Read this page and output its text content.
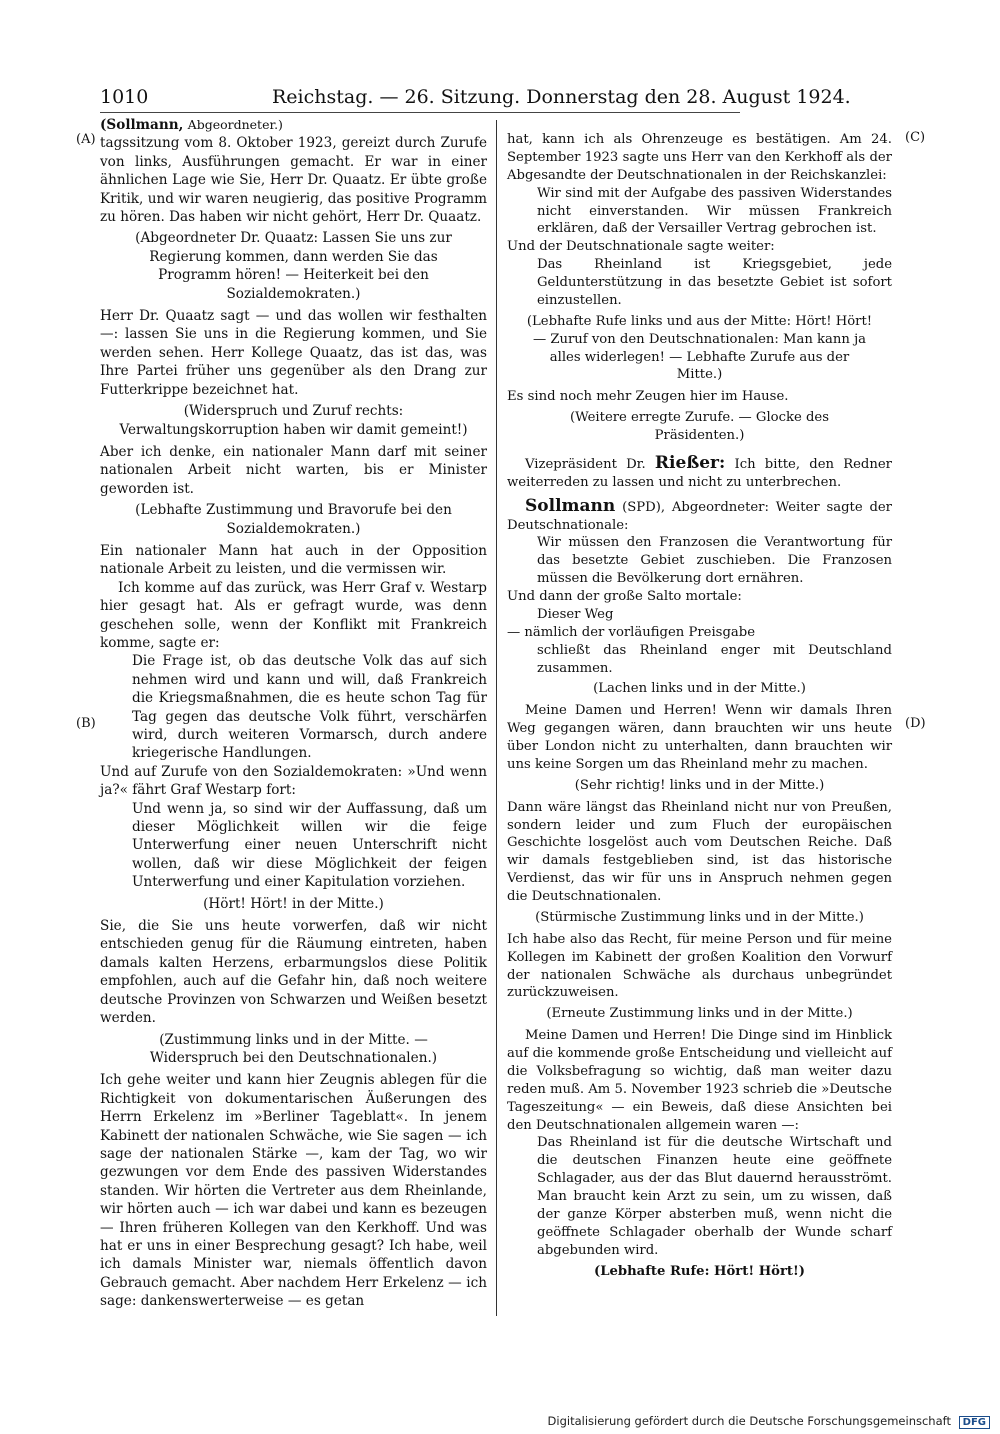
1010	Reichstag. — 26. Sitzung. Donnerstag den 28. August 1924.
(A)
(B)
(C)
(D)

(Sollmann, Abgeordneter.)

tagssitzung vom 8. Oktober 1923, gereizt durch Zurufe von links, Ausführungen gemacht. Er war in einer ähnlichen Lage wie Sie, Herr Dr. Quaatz. Er übte große Kritik, und wir waren neugierig, das positive Programm zu hören. Das haben wir nicht gehört, Herr Dr. Quaatz.

(Abgeordneter Dr. Quaatz: Lassen Sie uns zur Regierung kommen, dann werden Sie das Programm hören! — Heiterkeit bei den Sozialdemokraten.)

Herr Dr. Quaatz sagt — und das wollen wir festhalten —: lassen Sie uns in die Regierung kommen, und Sie werden sehen. Herr Kollege Quaatz, das ist das, was Ihre Partei früher uns gegenüber als den Drang zur Futterkrippe bezeichnet hat.

(Widerspruch und Zuruf rechts: Verwaltungskorruption haben wir damit gemeint!)

Aber ich denke, ein nationaler Mann darf mit seiner nationalen Arbeit nicht warten, bis er Minister geworden ist.

(Lebhafte Zustimmung und Bravorufe bei den Sozialdemokraten.)

Ein nationaler Mann hat auch in der Opposition nationale Arbeit zu leisten, und die vermissen wir.

Ich komme auf das zurück, was Herr Graf v. Westarp hier gesagt hat. Als er gefragt wurde, was denn geschehen solle, wenn der Konflikt mit Frankreich komme, sagte er:

Die Frage ist, ob das deutsche Volk das auf sich nehmen wird und kann und will, daß Frankreich die Kriegsmaßnahmen, die es heute schon Tag für Tag gegen das deutsche Volk führt, verschärfen wird, durch weiteren Vormarsch, durch andere kriegerische Handlungen.

Und auf Zurufe von den Sozialdemokraten: »Und wenn ja?« fährt Graf Westarp fort:

Und wenn ja, so sind wir der Auffassung, daß um dieser Möglichkeit willen wir die feige Unterwerfung einer neuen Unterschrift nicht wollen, daß wir diese Möglichkeit der feigen Unterwerfung und einer Kapitulation vorziehen.

(Hört! Hört! in der Mitte.)

Sie, die Sie uns heute vorwerfen, daß wir nicht entschieden genug für die Räumung eintreten, haben damals kalten Herzens, erbarmungslos diese Politik empfohlen, auch auf die Gefahr hin, daß noch weitere deutsche Provinzen von Schwarzen und Weißen besetzt werden.

(Zustimmung links und in der Mitte. — Widerspruch bei den Deutschnationalen.)

Ich gehe weiter und kann hier Zeugnis ablegen für die Richtigkeit von dokumentarischen Äußerungen des Herrn Erkelenz im »Berliner Tageblatt«. In jenem Kabinett der nationalen Schwäche, wie Sie sagen — ich sage der nationalen Stärke —, kam der Tag, wo wir gezwungen vor dem Ende des passiven Widerstandes standen. Wir hörten die Vertreter aus dem Rheinlande, wir hörten auch — ich war dabei und kann es bezeugen — Ihren früheren Kollegen van den Kerkhoff. Und was hat er uns in einer Besprechung gesagt? Ich habe, weil ich damals Minister war, niemals öffentlich davon Gebrauch gemacht. Aber nachdem Herr Erkelenz — ich sage: dankenswerterweise — es getan

hat, kann ich als Ohrenzeuge es bestätigen. Am 24. September 1923 sagte uns Herr van den Kerkhoff als der Abgesandte der Deutschnationalen in der Reichskanzlei:

Wir sind mit der Aufgabe des passiven Widerstandes nicht einverstanden. Wir müssen Frankreich erklären, daß der Versailler Vertrag gebrochen ist.

Und der Deutschnationale sagte weiter:

Das Rheinland ist Kriegsgebiet, jede Geldunterstützung in das besetzte Gebiet ist sofort einzustellen.

(Lebhafte Rufe links und aus der Mitte: Hört! Hört! — Zuruf von den Deutschnationalen: Man kann ja alles widerlegen! — Lebhafte Zurufe aus der Mitte.)

Es sind noch mehr Zeugen hier im Hause.

(Weitere erregte Zurufe. — Glocke des Präsidenten.)

Vizepräsident Dr. Rießer: Ich bitte, den Redner weiterreden zu lassen und nicht zu unterbrechen.

Sollmann (SPD), Abgeordneter: Weiter sagte der Deutschnationale:

Wir müssen den Franzosen die Verantwortung für das besetzte Gebiet zuschieben. Die Franzosen müssen die Bevölkerung dort ernähren.

Und dann der große Salto mortale:

Dieser Weg

— nämlich der vorläufigen Preisgabe

schließt das Rheinland enger mit Deutschland zusammen.

(Lachen links und in der Mitte.)

Meine Damen und Herren! Wenn wir damals Ihren Weg gegangen wären, dann brauchten wir uns heute über London nicht zu unterhalten, dann brauchten wir uns keine Sorgen um das Rheinland mehr zu machen.

(Sehr richtig! links und in der Mitte.)

Dann wäre längst das Rheinland nicht nur von Preußen, sondern leider und zum Fluch der europäischen Geschichte losgelöst auch vom Deutschen Reiche. Daß wir damals festgeblieben sind, ist das historische Verdienst, das wir für uns in Anspruch nehmen gegen die Deutschnationalen.

(Stürmische Zustimmung links und in der Mitte.)

Ich habe also das Recht, für meine Person und für meine Kollegen im Kabinett der großen Koalition den Vorwurf der nationalen Schwäche als durchaus unbegründet zurückzuweisen.

(Erneute Zustimmung links und in der Mitte.)

Meine Damen und Herren! Die Dinge sind im Hinblick auf die kommende große Entscheidung und vielleicht auf die Volksbefragung so wichtig, daß man weiter dazu reden muß. Am 5. November 1923 schrieb die »Deutsche Tageszeitung« — ein Beweis, daß diese Ansichten bei den Deutschnationalen allgemein waren —:

Das Rheinland ist für die deutsche Wirtschaft und die deutschen Finanzen heute eine geöffnete Schlagader, aus der das Blut dauernd herausströmt. Man braucht kein Arzt zu sein, um zu wissen, daß der ganze Körper absterben muß, wenn nicht die geöffnete Schlagader oberhalb der Wunde scharf abgebunden wird.

(Lebhafte Rufe: Hört! Hört!)

Digitalisierung gefördert durch die Deutsche Forschungsgemeinschaft DFG
